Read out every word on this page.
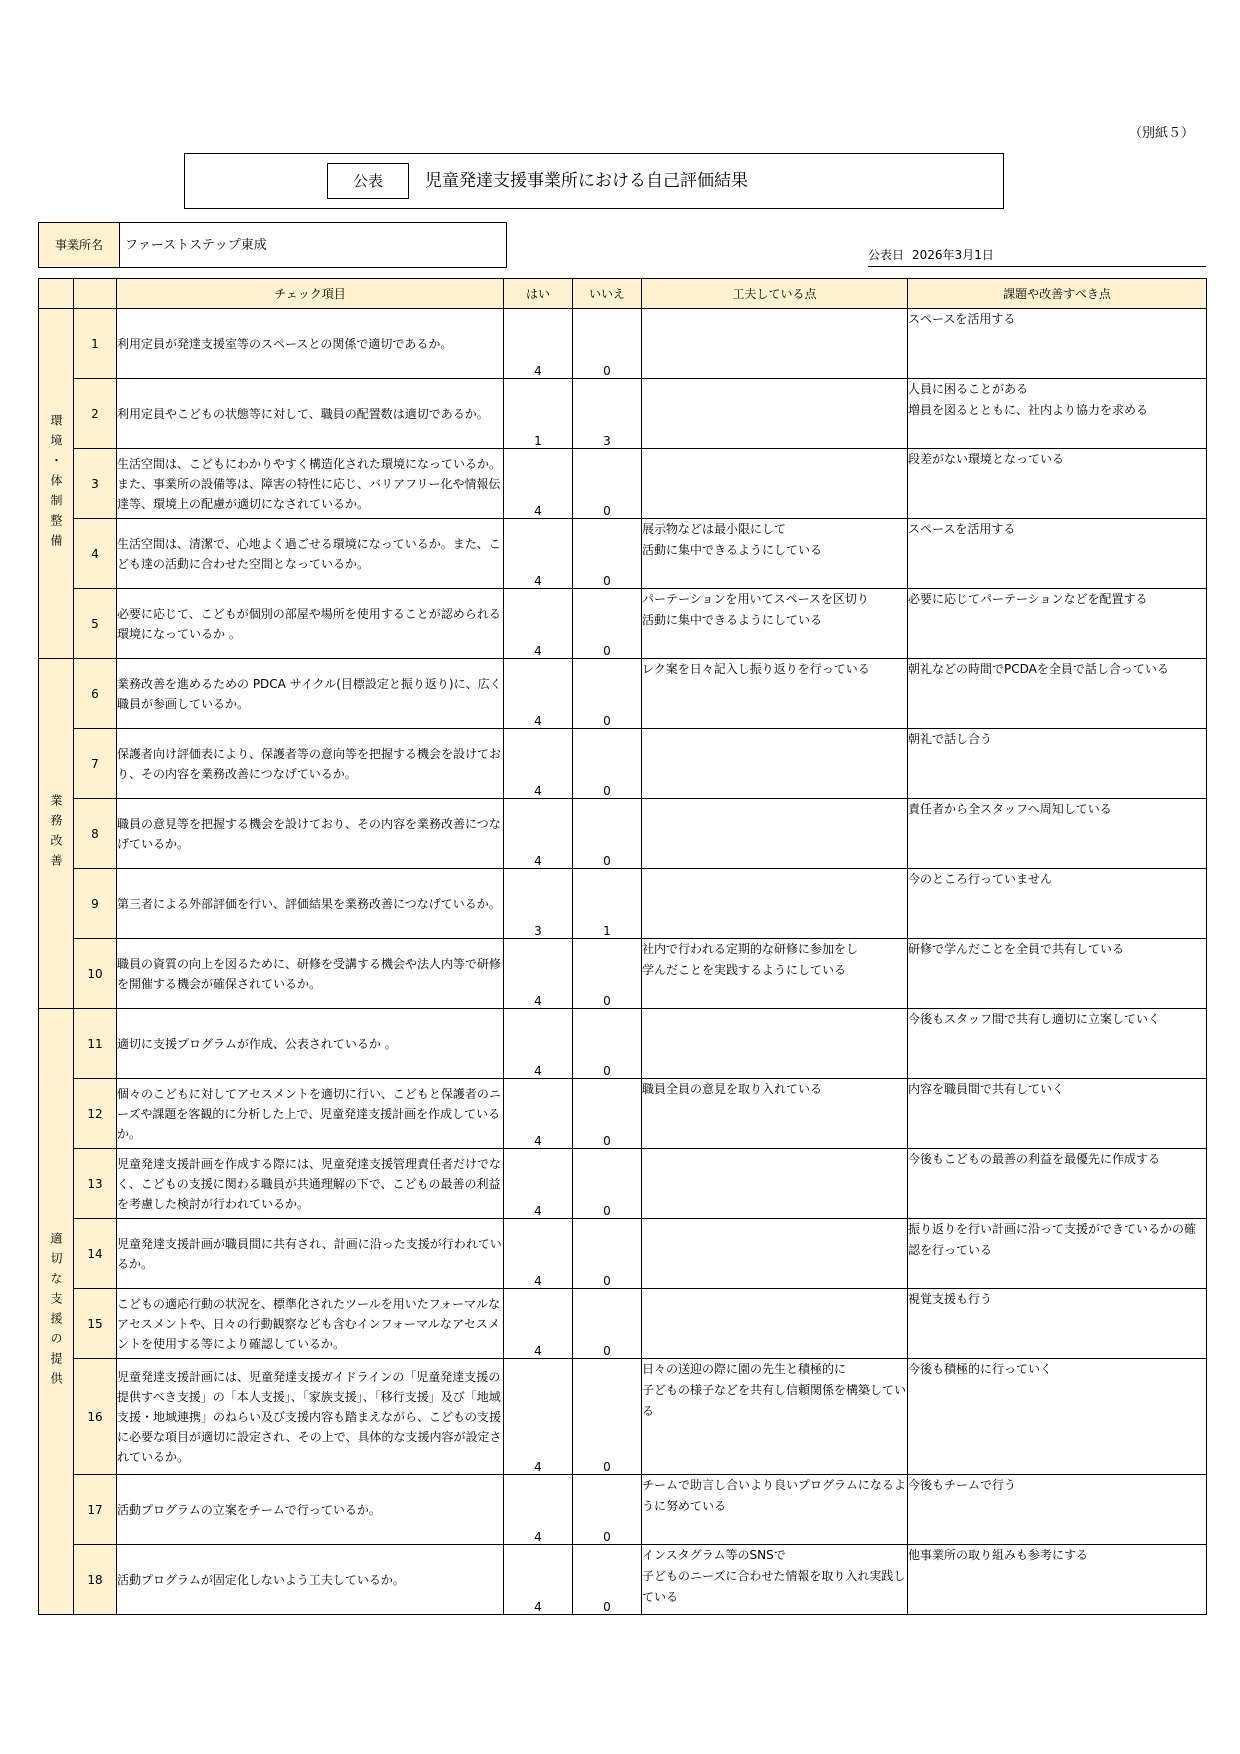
（別紙５）
公表	児童発達支援事業所における自己評価結果
事業所名	ファーストステップ東成
公表日 2026年3月1日
		チェック項目	はい	いいえ	工夫している点	課題や改善すべき点
環境・体制整備	1	利用定員が発達支援室等のスペースとの関係で適切であるか。	4	0		スペースを活用する
	2	利用定員やこどもの状態等に対して、職員の配置数は適切であるか。	1	3		人員に困ることがある
増員を図るとともに、社内より協力を求める
	3	生活空間は、こどもにわかりやすく構造化された環境になっているか。また、事業所の設備等は、障害の特性に応じ、バリアフリー化や情報伝達等、環境上の配慮が適切になされているか。	4	0		段差がない環境となっている
	4	生活空間は、清潔で、心地よく過ごせる環境になっているか。また、こども達の活動に合わせた空間となっているか。	4	0	展示物などは最小限にして
活動に集中できるようにしている	スペースを活用する
	5	必要に応じて、こどもが個別の部屋や場所を使用することが認められる環境になっているか 。	4	0	パーテーションを用いてスペースを区切り
活動に集中できるようにしている	必要に応じてパーテーションなどを配置する
業務改善	6	業務改善を進めるための PDCA サイクル(目標設定と振り返り)に、広く職員が参画しているか。	4	0	レク案を日々記入し振り返りを行っている	朝礼などの時間でPCDAを全員で話し合っている
	7	保護者向け評価表により、保護者等の意向等を把握する機会を設けており、その内容を業務改善につなげているか。	4	0		朝礼で話し合う
	8	職員の意見等を把握する機会を設けており、その内容を業務改善につなげているか。	4	0		責任者から全スタッフへ周知している
	9	第三者による外部評価を行い、評価結果を業務改善につなげているか。	3	1		今のところ行っていません
	10	職員の資質の向上を図るために、研修を受講する機会や法人内等で研修を開催する機会が確保されているか。	4	0	社内で行われる定期的な研修に参加をし
学んだことを実践するようにしている	研修で学んだことを全員で共有している
適切な支援の提供	11	適切に支援プログラムが作成、公表されているか 。	4	0		今後もスタッフ間で共有し適切に立案していく
	12	個々のこどもに対してアセスメントを適切に行い、こどもと保護者のニーズや課題を客観的に分析した上で、児童発達支援計画を作成しているか。	4	0	職員全員の意見を取り入れている	内容を職員間で共有していく
	13	児童発達支援計画を作成する際には、児童発達支援管理責任者だけでなく、こどもの支援に関わる職員が共通理解の下で、こどもの最善の利益を考慮した検討が行われているか。	4	0		今後もこどもの最善の利益を最優先に作成する
	14	児童発達支援計画が職員間に共有され、計画に沿った支援が行われているか。	4	0		振り返りを行い計画に沿って支援ができているかの確認を行っている
	15	こどもの適応行動の状況を、標準化されたツールを用いたフォーマルなアセスメントや、日々の行動観察なども含むインフォーマルなアセスメントを使用する等により確認しているか。	4	0		視覚支援も行う
	16	児童発達支援計画には、児童発達支援ガイドラインの「児童発達支援の提供すべき支援」の「本人支援」、「家族支援」、「移行支援」及び「地域支援・地域連携」のねらい及び支援内容も踏まえながら、こどもの支援に必要な項目が適切に設定され、その上で、具体的な支援内容が設定されているか。	4	0	日々の送迎の際に園の先生と積極的に
子どもの様子などを共有し信頼関係を構築している	今後も積極的に行っていく
	17	活動プログラムの立案をチームで行っているか。	4	0	チームで助言し合いより良いプログラムになるように努めている	今後もチームで行う
	18	活動プログラムが固定化しないよう工夫しているか。	4	0	インスタグラム等のSNSで
子どものニーズに合わせた情報を取り入れ実践している	他事業所の取り組みも参考にする
